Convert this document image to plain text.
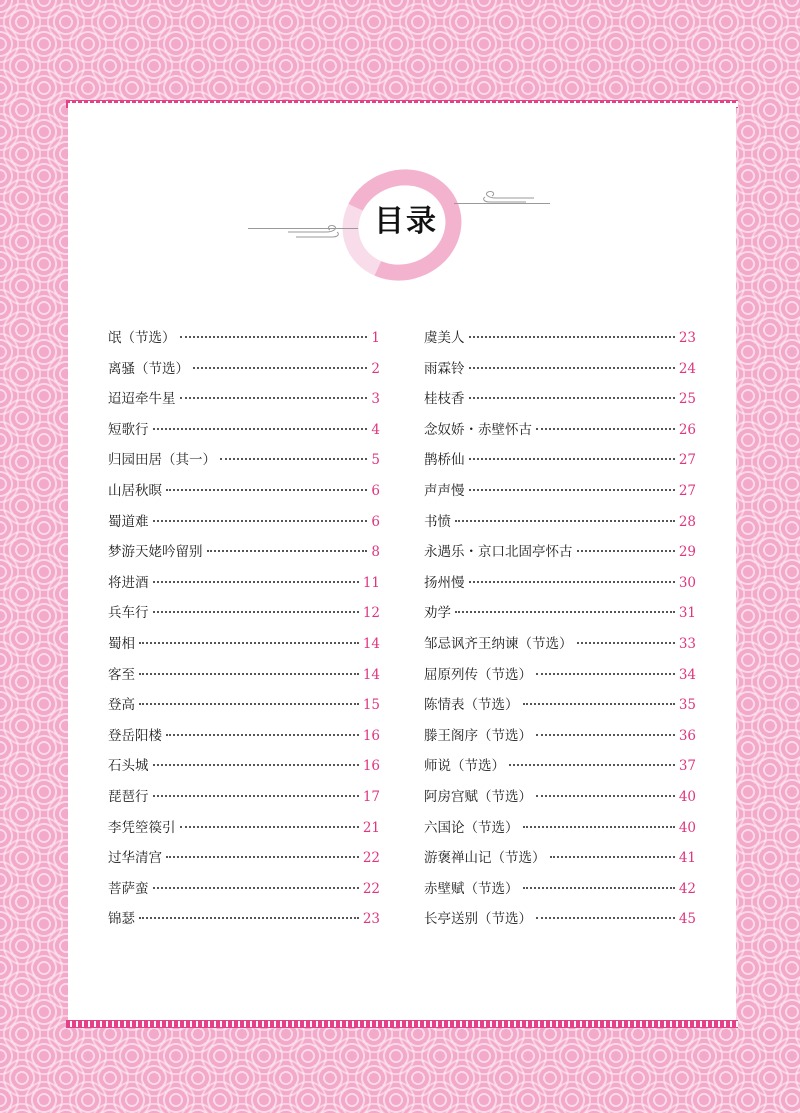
目录
氓（节选）	1
离骚（节选）	2
迢迢牵牛星	3
短歌行	4
归园田居（其一）	5
山居秋暝	6
蜀道难	6
梦游天姥吟留别	8
将进酒	11
兵车行	12
蜀相	14
客至	14
登高	15
登岳阳楼	16
石头城	16
琵琶行	17
李凭箜篌引	21
过华清宫	22
菩萨蛮	22
锦瑟	23
虞美人	23
雨霖铃	24
桂枝香	25
念奴娇・赤壁怀古	26
鹊桥仙	27
声声慢	27
书愤	28
永遇乐・京口北固亭怀古	29
扬州慢	30
劝学	31
邹忌讽齐王纳谏（节选）	33
屈原列传（节选）	34
陈情表（节选）	35
滕王阁序（节选）	36
师说（节选）	37
阿房宫赋（节选）	40
六国论（节选）	40
游褒禅山记（节选）	41
赤壁赋（节选）	42
长亭送别（节选）	45
